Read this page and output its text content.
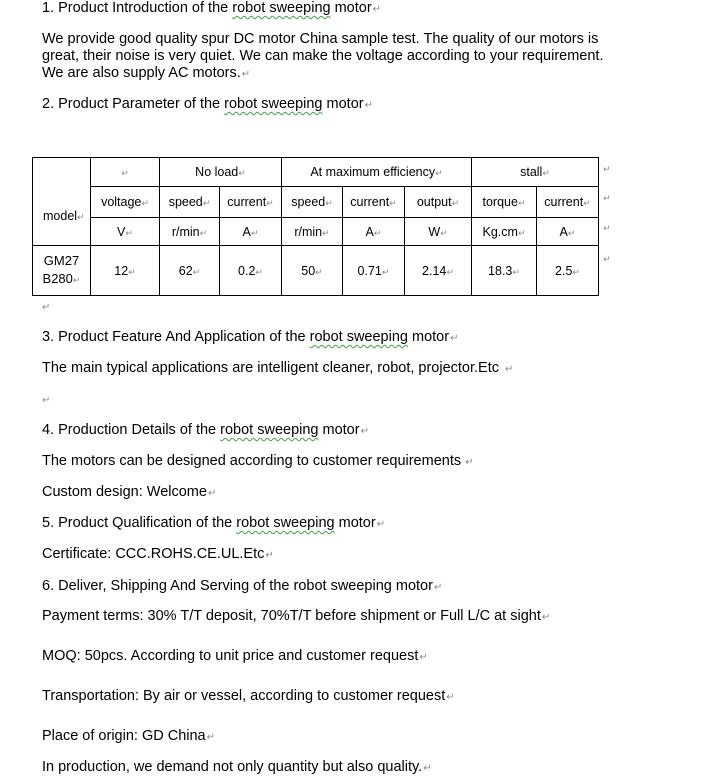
1. Product Introduction of the robot sweeping motor↵
We provide good quality spur DC motor China sample test. The quality of our motors is great, their noise is very quiet. We can make the voltage according to your requirement. We are also supply AC motors.↵
2. Product Parameter of the robot sweeping motor↵
	↵	No load↵		At maximum efficiency↵			stall↵	
model↵	voltage↵	speed↵	current↵	speed↵	current↵	output↵	torque↵	current↵
	V↵	r/min↵	A↵	r/min↵	A↵	W↵	Kg.cm↵	A↵
GM27
B280↵	12↵	62↵	0.2↵	50↵	0.71↵	2.14↵	18.3↵	2.5↵
↵
↵
↵
↵
↵
3. Product Feature And Application of the robot sweeping motor↵
The main typical applications are intelligent cleaner, robot, projector.Etc ↵
↵
4. Production Details of the robot sweeping motor↵
The motors can be designed according to customer requirements ↵
Custom design: Welcome↵
5. Product Qualification of the robot sweeping motor↵
Certificate: CCC.ROHS.CE.UL.Etc↵
6. Deliver, Shipping And Serving of the robot sweeping motor↵
Payment terms: 30% T/T deposit, 70%T/T before shipment or Full L/C at sight↵
MOQ: 50pcs. According to unit price and customer request↵
Transportation: By air or vessel, according to customer request↵
Place of origin: GD China↵
In production, we demand not only quantity but also quality.↵
